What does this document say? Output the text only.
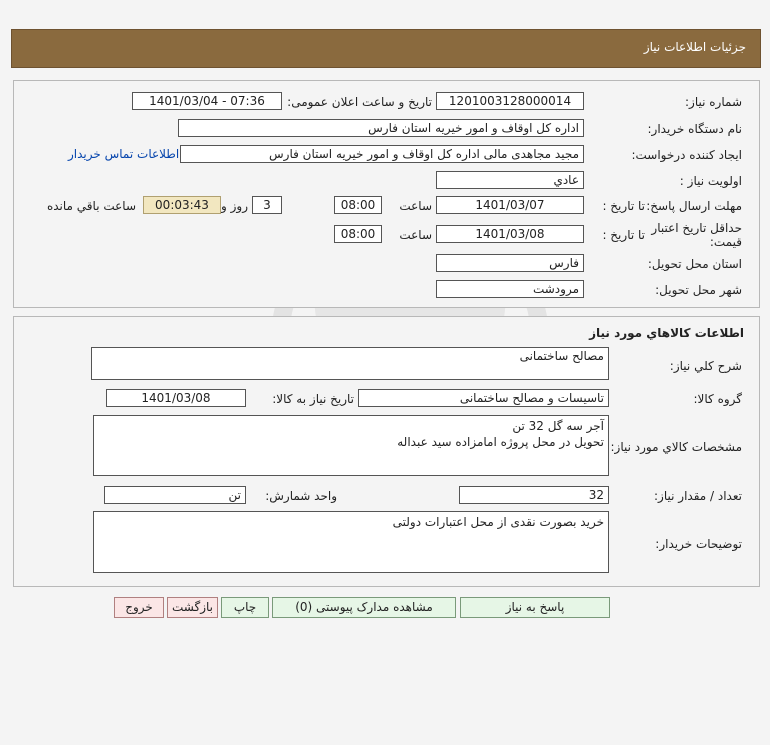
جزئیات اطلاعات نیاز
شماره نیاز:
1201003128000014
تاریخ و ساعت اعلان عمومی:
1401/03/04 - 07:36
نام دستگاه خریدار:
اداره کل اوقاف و امور خیریه استان فارس
ایجاد کننده درخواست:
مجید مجاهدی مالی اداره کل اوقاف و امور خیریه استان فارس
اطلاعات تماس خریدار
اولویت نیاز :
عادي
مهلت ارسال پاسخ:
تا تاریخ :
1401/03/07
ساعت
08:00
3
روز و
00:03:43
ساعت باقي مانده
حداقل تاریخ اعتبار
قیمت:
تا تاریخ :
1401/03/08
ساعت
08:00
استان محل تحویل:
فارس
شهر محل تحویل:
مرودشت
اطلاعات كالاهاي مورد نياز
شرح كلي نياز:
مصالح ساختمانی
گروه كالا:
تاسیسات و مصالح ساختمانی
تاريخ نياز به كالا:
1401/03/08
مشخصات كالاي مورد نياز:
آجر سه گل 32 تن
تحویل در محل پروژه امامزاده سید عبداله
تعداد / مقدار نیاز:
32
واحد شمارش:
تن
توضیحات خریدار:
خرید بصورت نقدی از محل اعتبارات دولتی
پاسخ به نیاز
مشاهده مدارک پیوستی (0)
چاپ
بازگشت
خروج
